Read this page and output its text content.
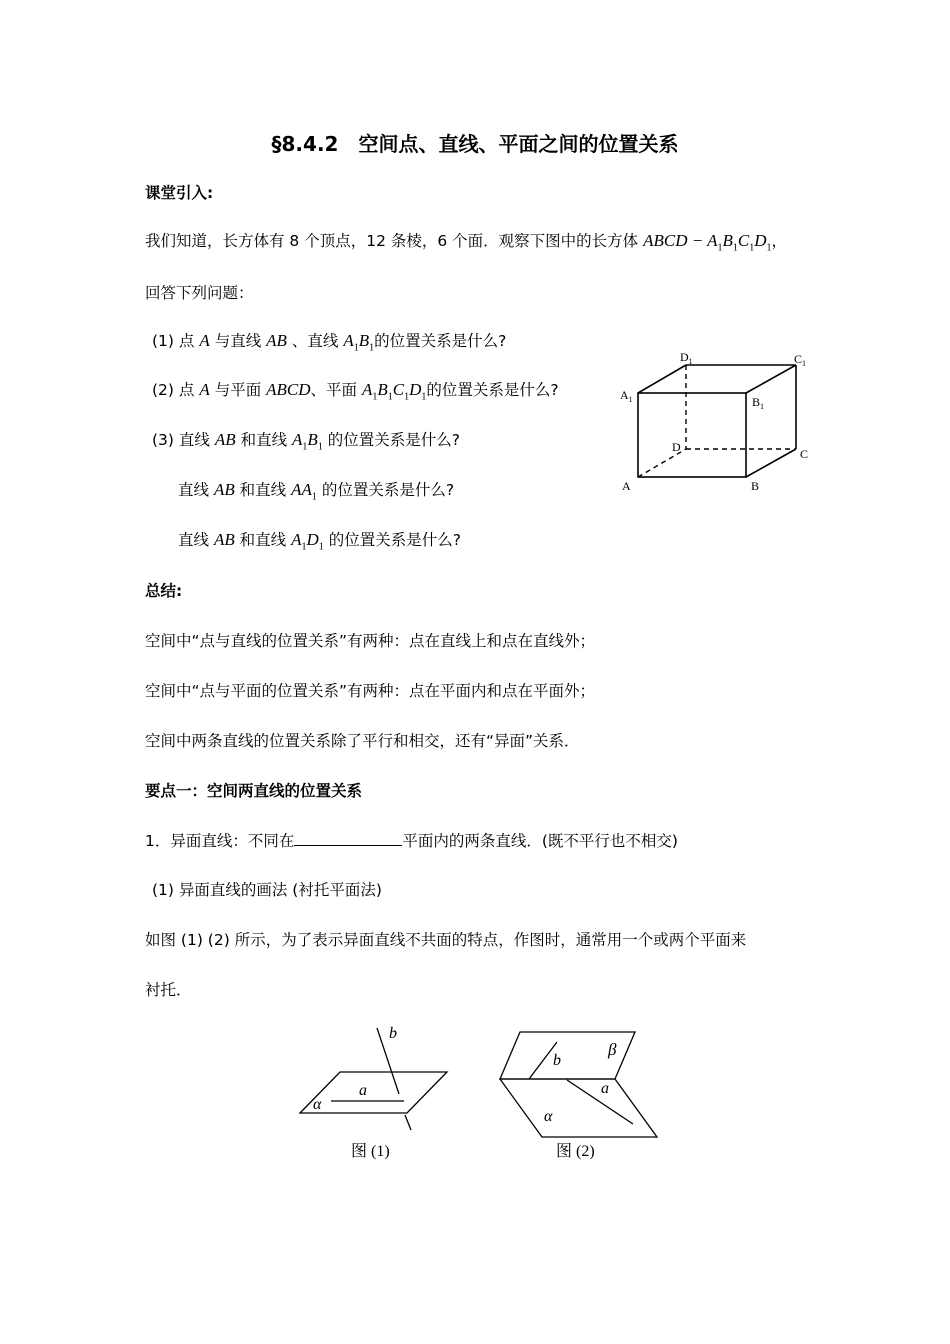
§8.4.2　空间点、直线、平面之间的位置关系
课堂引入:
我们知道，长方体有 8 个顶点，12 条棱，6 个面．观察下图中的长方体 ABCD − $A_1B_1C_1D_1$，
回答下列问题：
(1) 点 A 与直线 AB 、直线 $A_1B_1$的位置关系是什么?
(2) 点 A 与平面 ABCD、平面 $A_1B_1C_1D_1$的位置关系是什么?
(3) 直线 AB 和直线 $A_1B_1$ 的位置关系是什么?
直线 AB 和直线 $AA_1$ 的位置关系是什么?
直线 AB 和直线 $A_1D_1$ 的位置关系是什么?
A	B
C
D
$A_1$	$B_1$
$C_1$
$D_1$
总结:
空间中“点与直线的位置关系”有两种：点在直线上和点在直线外；
空间中“点与平面的位置关系”有两种：点在平面内和点在平面外；
空间中两条直线的位置关系除了平行和相交，还有“异面”关系．
要点一：空间两直线的位置关系
1．异面直线：不同在	平面内的两条直线．(既不平行也不相交)
(1) 异面直线的画法 (衬托平面法)
如图 (1) (2) 所示，为了表示异面直线不共面的特点，作图时，通常用一个或两个平面来
衬托．
b
a
α
图 (1)
b
β
a
α
图 (2)
